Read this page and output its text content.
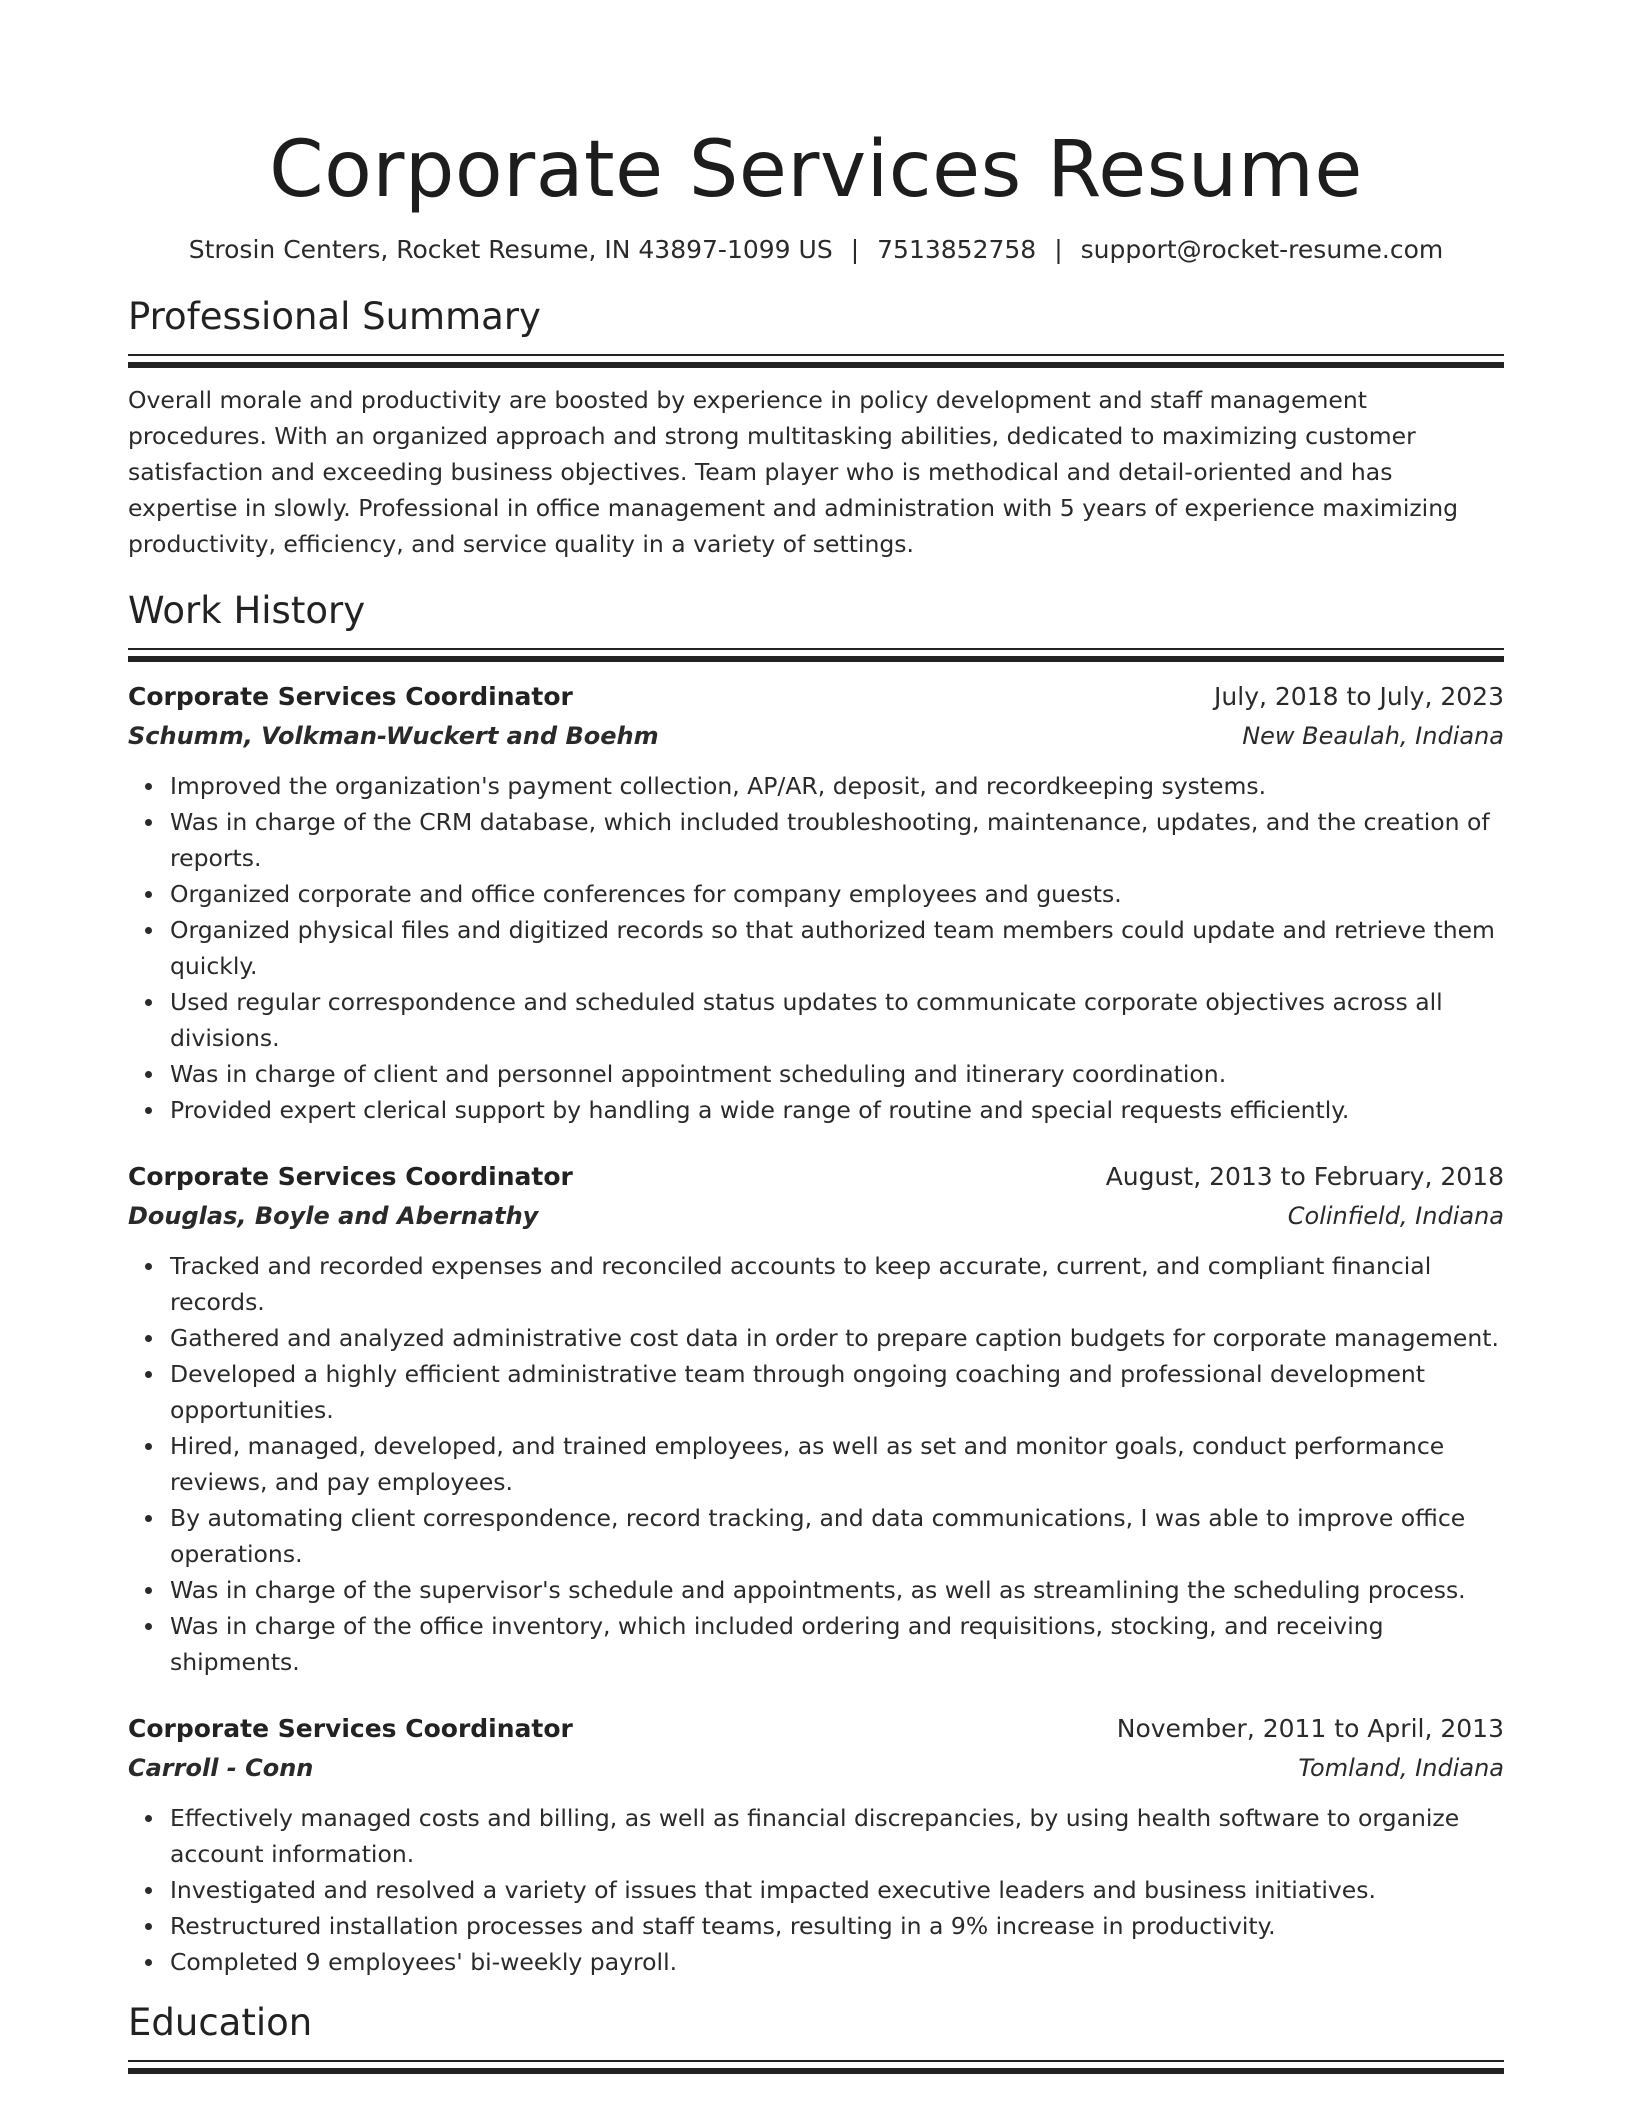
Corporate Services Resume
Strosin Centers, Rocket Resume, IN 43897-1099 US | 7513852758 | support@rocket-resume.com
Professional Summary
Overall morale and productivity are boosted by experience in policy development and staff management procedures. With an organized approach and strong multitasking abilities, dedicated to maximizing customer satisfaction and exceeding business objectives. Team player who is methodical and detail-oriented and has expertise in slowly. Professional in office management and administration with 5 years of experience maximizing productivity, efficiency, and service quality in a variety of settings.
Work History
Corporate Services Coordinator	July, 2018 to July, 2023
Schumm, Volkman-Wuckert and Boehm	New Beaulah, Indiana
Improved the organization's payment collection, AP/AR, deposit, and recordkeeping systems.
Was in charge of the CRM database, which included troubleshooting, maintenance, updates, and the creation of reports.
Organized corporate and office conferences for company employees and guests.
Organized physical files and digitized records so that authorized team members could update and retrieve them quickly.
Used regular correspondence and scheduled status updates to communicate corporate objectives across all divisions.
Was in charge of client and personnel appointment scheduling and itinerary coordination.
Provided expert clerical support by handling a wide range of routine and special requests efficiently.
Corporate Services Coordinator	August, 2013 to February, 2018
Douglas, Boyle and Abernathy	Colinfield, Indiana
Tracked and recorded expenses and reconciled accounts to keep accurate, current, and compliant financial records.
Gathered and analyzed administrative cost data in order to prepare caption budgets for corporate management.
Developed a highly efficient administrative team through ongoing coaching and professional development opportunities.
Hired, managed, developed, and trained employees, as well as set and monitor goals, conduct performance reviews, and pay employees.
By automating client correspondence, record tracking, and data communications, I was able to improve office operations.
Was in charge of the supervisor's schedule and appointments, as well as streamlining the scheduling process.
Was in charge of the office inventory, which included ordering and requisitions, stocking, and receiving shipments.
Corporate Services Coordinator	November, 2011 to April, 2013
Carroll - Conn	Tomland, Indiana
Effectively managed costs and billing, as well as financial discrepancies, by using health software to organize account information.
Investigated and resolved a variety of issues that impacted executive leaders and business initiatives.
Restructured installation processes and staff teams, resulting in a 9% increase in productivity.
Completed 9 employees' bi-weekly payroll.
Education
